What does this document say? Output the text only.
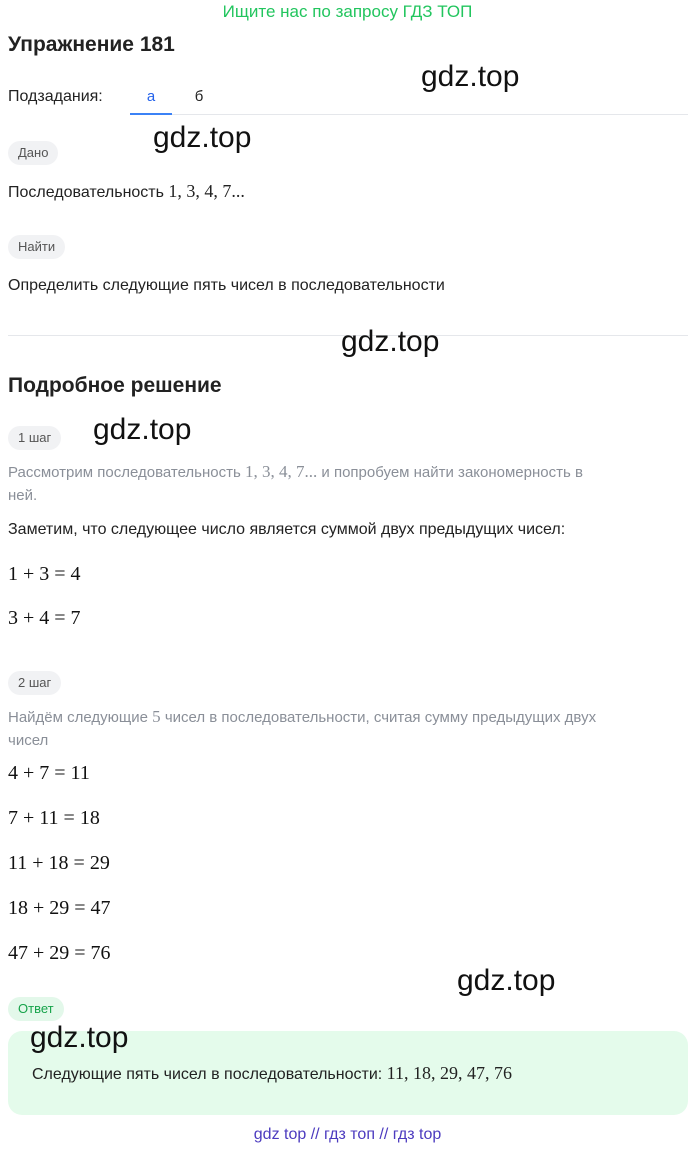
Ищите нас по запросу ГДЗ ТОП
Упражнение 181
Подзадания:	а	б
Дано
Последовательность 1, 3, 4, 7...
Найти
Определить следующие пять чисел в последовательности
Подробное решение
1 шаг
Рассмотрим последовательность 1, 3, 4, 7... и попробуем найти закономерность в
ней.
Заметим, что следующее число является суммой двух предыдущих чисел:
1 + 3 = 4
3 + 4 = 7
2 шаг
Найдём следующие 5 чисел в последовательности, считая сумму предыдущих двух
чисел
4 + 7 = 11
7 + 11 = 18
11 + 18 = 29
18 + 29 = 47
47 + 29 = 76
Ответ
Следующие пять чисел в последовательности: 11, 18, 29, 47, 76
gdz.top
gdz.top
gdz.top
gdz.top
gdz.top
gdz.top
gdz top // гдз топ // гдз top
